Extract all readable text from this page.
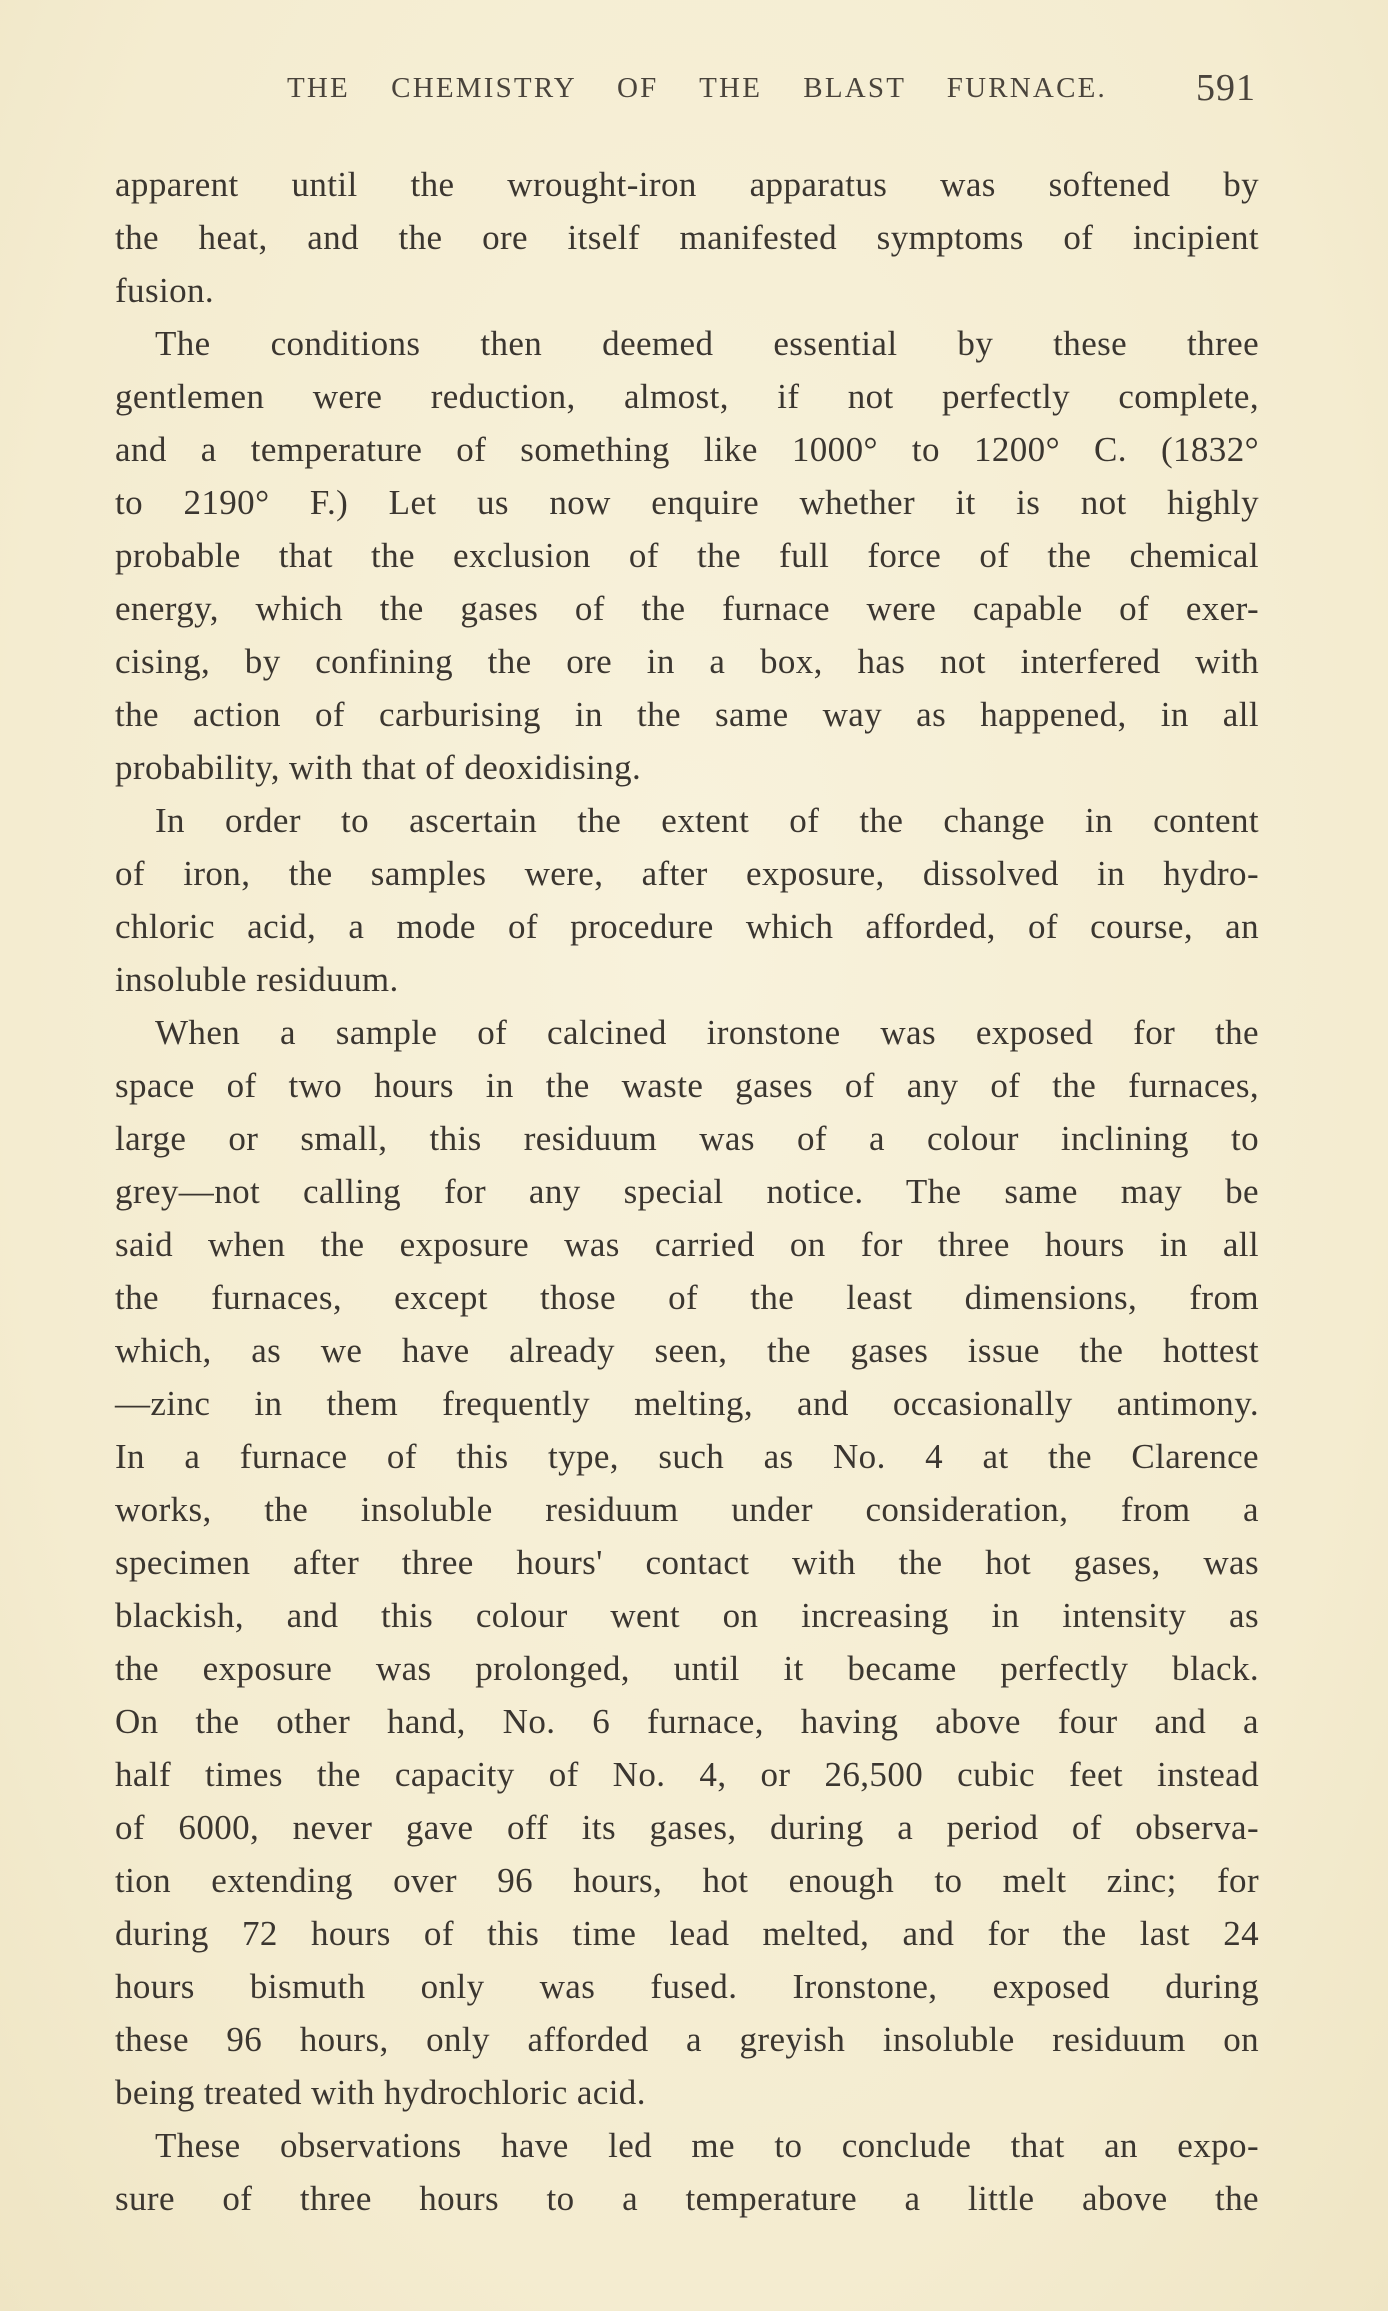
THE CHEMISTRY OF THE BLAST FURNACE. 591
apparent until the wrought-iron apparatus was softened by
the heat, and the ore itself manifested symptoms of incipient
fusion.
The conditions then deemed essential by these three
gentlemen were reduction, almost, if not perfectly complete,
and a temperature of something like 1000° to 1200° C. (1832°
to 2190° F.) Let us now enquire whether it is not highly
probable that the exclusion of the full force of the chemical
energy, which the gases of the furnace were capable of exer-
cising, by confining the ore in a box, has not interfered with
the action of carburising in the same way as happened, in all
probability, with that of deoxidising.
In order to ascertain the extent of the change in content
of iron, the samples were, after exposure, dissolved in hydro-
chloric acid, a mode of procedure which afforded, of course, an
insoluble residuum.
When a sample of calcined ironstone was exposed for the
space of two hours in the waste gases of any of the furnaces,
large or small, this residuum was of a colour inclining to
grey—not calling for any special notice. The same may be
said when the exposure was carried on for three hours in all
the furnaces, except those of the least dimensions, from
which, as we have already seen, the gases issue the hottest
—zinc in them frequently melting, and occasionally antimony.
In a furnace of this type, such as No. 4 at the Clarence
works, the insoluble residuum under consideration, from a
specimen after three hours' contact with the hot gases, was
blackish, and this colour went on increasing in intensity as
the exposure was prolonged, until it became perfectly black.
On the other hand, No. 6 furnace, having above four and a
half times the capacity of No. 4, or 26,500 cubic feet instead
of 6000, never gave off its gases, during a period of observa-
tion extending over 96 hours, hot enough to melt zinc; for
during 72 hours of this time lead melted, and for the last 24
hours bismuth only was fused. Ironstone, exposed during
these 96 hours, only afforded a greyish insoluble residuum on
being treated with hydrochloric acid.
These observations have led me to conclude that an expo-
sure of three hours to a temperature a little above the
